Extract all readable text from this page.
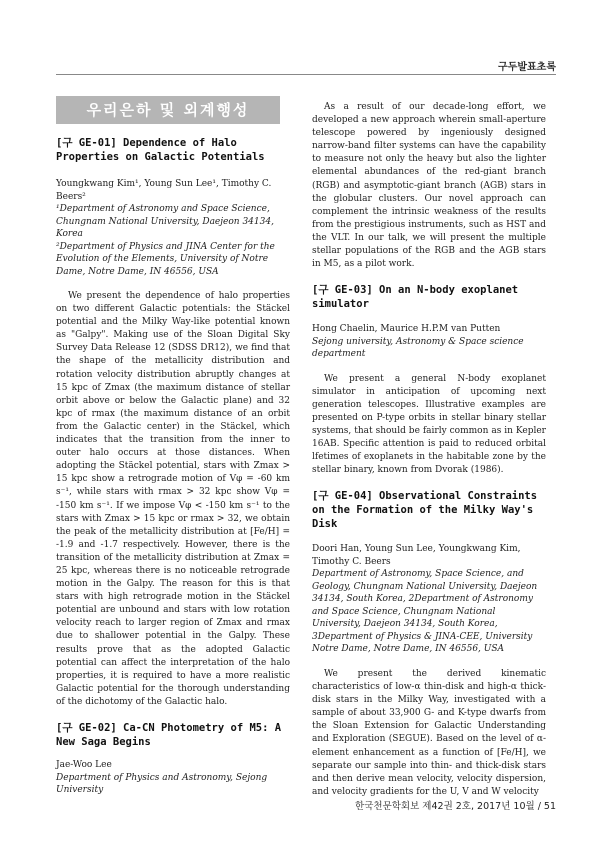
구두발표초록
우리은하 및 외계행성

[구 GE-01] Dependence of Halo Properties on Galactic Potentials

Youngkwang Kim¹, Young Sun Lee¹, Timothy C. Beers²

¹Department of Astronomy and Space Science, Chungnam National University, Daejeon 34134, Korea

²Department of Physics and JINA Center for the Evolution of the Elements, University of Notre Dame, Notre Dame, IN 46556, USA

We present the dependence of halo properties on two different Galactic potentials: the Stäckel potential and the Milky Way-like potential known as "Galpy". Making use of the Sloan Digital Sky Survey Data Release 12 (SDSS DR12), we find that the shape of the metallicity distribution and rotation velocity distribution abruptly changes at 15 kpc of Zmax (the maximum distance of stellar orbit above or below the Galactic plane) and 32 kpc of rmax (the maximum distance of an orbit from the Galactic center) in the Stäckel, which indicates that the transition from the inner to outer halo occurs at those distances. When adopting the Stäckel potential, stars with Zmax > 15 kpc show a retrograde motion of Vφ = -60 km s⁻¹, while stars with rmax > 32 kpc show Vφ = -150 km s⁻¹. If we impose Vφ < -150 km s⁻¹ to the stars with Zmax > 15 kpc or rmax > 32, we obtain the peak of the metallicity distribution at [Fe/H] = -1.9 and -1.7 respectively. However, there is the transition of the metallicity distribution at Zmax = 25 kpc, whereas there is no noticeable retrograde motion in the Galpy. The reason for this is that stars with high retrograde motion in the Stäckel potential are unbound and stars with low rotation velocity reach to larger region of Zmax and rmax due to shallower potential in the Galpy. These results prove that as the adopted Galactic potential can affect the interpretation of the halo properties, it is required to have a more realistic Galactic potential for the thorough understanding of the dichotomy of the Galactic halo.

[구 GE-02] Ca-CN Photometry of M5: A New Saga Begins

Jae-Woo Lee

Department of Physics and Astronomy, Sejong University

As a result of our decade-long effort, we developed a new approach wherein small-aperture telescope powered by ingeniously designed narrow-band filter systems can have the capability to measure not only the heavy but also the lighter elemental abundances of the red-giant branch (RGB) and asymptotic-giant branch (AGB) stars in the globular clusters. Our novel approach can complement the intrinsic weakness of the results from the prestigious instruments, such as HST and the VLT. In our talk, we will present the multiple stellar populations of the RGB and the AGB stars in M5, as a pilot work.

[구 GE-03] On an N-body exoplanet simulator

Hong Chaelin, Maurice H.P.M van Putten

Sejong university, Astronomy & Space science department

We present a general N-body exoplanet simulator in anticipation of upcoming next generation telescopes. Illustrative examples are presented on P-type orbits in stellar binary stellar systems, that should be fairly common as in Kepler 16AB. Specific attention is paid to reduced orbital lfetimes of exoplanets in the habitable zone by the stellar binary, known from Dvorak (1986).

[구 GE-04] Observational Constraints on the Formation of the Milky Way's Disk

Doori Han, Young Sun Lee, Youngkwang Kim, Timothy C. Beers

Department of Astronomy, Space Science, and Geology, Chungnam National University, Daejeon 34134, South Korea, 2Department of Astronomy and Space Science, Chungnam National University, Daejeon 34134, South Korea, 3Department of Physics & JINA-CEE, University Notre Dame, Notre Dame, IN 46556, USA

We present the derived kinematic characteristics of low-α thin-disk and high-α thick-disk stars in the Milky Way, investigated with a sample of about 33,900 G- and K-type dwarfs from the Sloan Extension for Galactic Understanding and Exploration (SEGUE). Based on the level of α-element enhancement as a function of [Fe/H], we separate our sample into thin- and thick-disk stars and then derive mean velocity, velocity dispersion, and velocity gradients for the U, V and W velocity

한국천문학회보 제42권 2호, 2017년 10월 / 51
